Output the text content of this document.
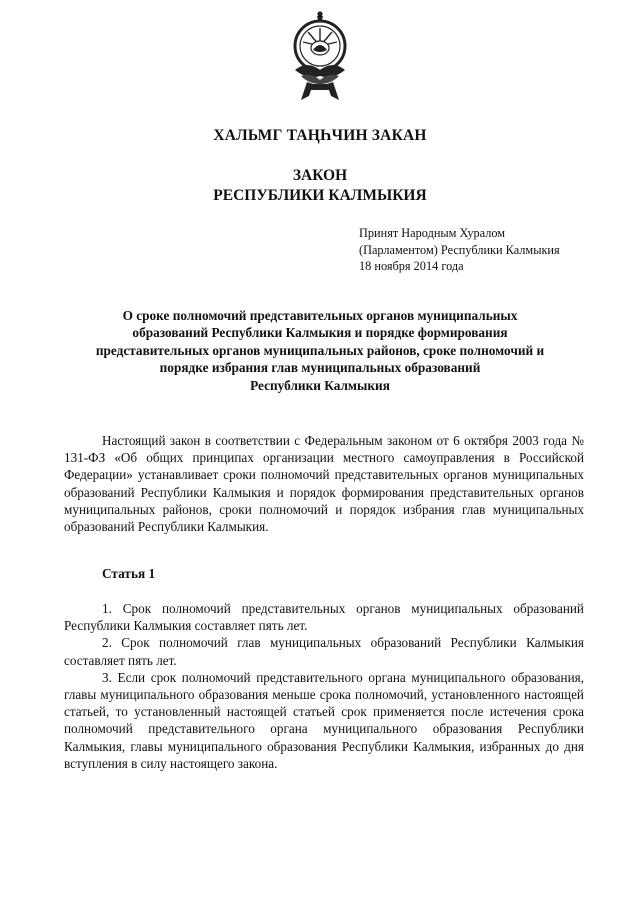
ХАЛЬМГ ТАҢҺЧИН ЗАКАН
ЗАКОН
РЕСПУБЛИКИ КАЛМЫКИЯ
Принят Народным Хуралом
(Парламентом) Республики Калмыкия
18 ноября 2014 года
О сроке полномочий представительных органов муниципальных
образований Республики Калмыкия и порядке формирования
представительных органов муниципальных районов, сроке полномочий и
порядке избрания глав муниципальных образований
Республики Калмыкия

Настоящий закон в соответствии с Федеральным законом от 6 октября 2003 года № 131-ФЗ «Об общих принципах организации местного самоуправления в Российской Федерации» устанавливает сроки полномочий представительных органов муниципальных образований Республики Калмыкия и порядок формирования представительных органов муниципальных районов, сроки полномочий и порядок избрания глав муниципальных образований Республики Калмыкия.

Статья 1

1. Срок полномочий представительных органов муниципальных образований Республики Калмыкия составляет пять лет.

2. Срок полномочий глав муниципальных образований Республики Калмыкия составляет пять лет.

3. Если срок полномочий представительного органа муниципального образования, главы муниципального образования меньше срока полномочий, установленного настоящей статьей, то установленный настоящей статьей срок применяется после истечения срока полномочий представительного органа муниципального образования Республики Калмыкия, главы муниципального образования Республики Калмыкия, избранных до дня вступления в силу настоящего закона.
